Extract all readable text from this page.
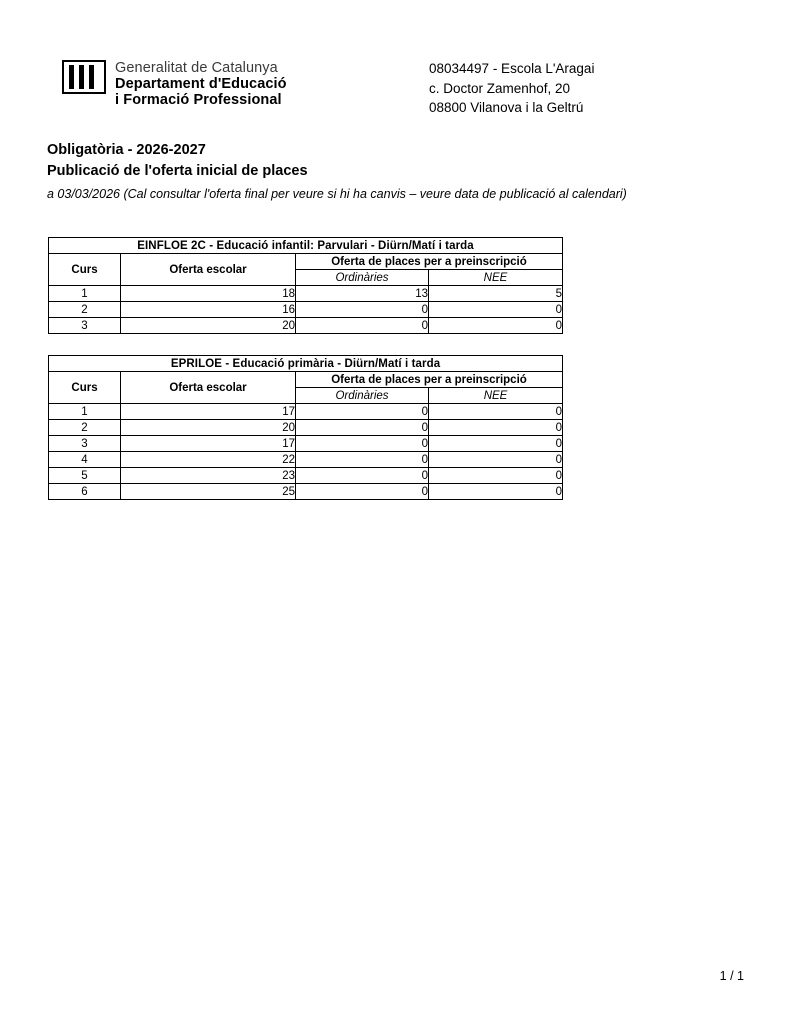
Generalitat de Catalunya
Departament d'Educació
i Formació Professional
08034497 - Escola L'Aragai
c. Doctor Zamenhof, 20
08800 Vilanova i la Geltrú
Obligatòria - 2026-2027
Publicació de l'oferta inicial de places
a 03/03/2026 (Cal consultar l'oferta final per veure si hi ha canvis – veure data de publicació al calendari)
EINFLOE 2C - Educació infantil: Parvulari - Diürn/Matí i tarda			
Curs	Oferta escolar	Oferta de places per a preinscripció	
		Ordinàries	NEE
1	18	13	5
2	16	0	0
3	20	0	0
EPRILOE - Educació primària - Diürn/Matí i tarda			
Curs	Oferta escolar	Oferta de places per a preinscripció	
		Ordinàries	NEE
1	17	0	0
2	20	0	0
3	17	0	0
4	22	0	0
5	23	0	0
6	25	0	0
1 / 1
